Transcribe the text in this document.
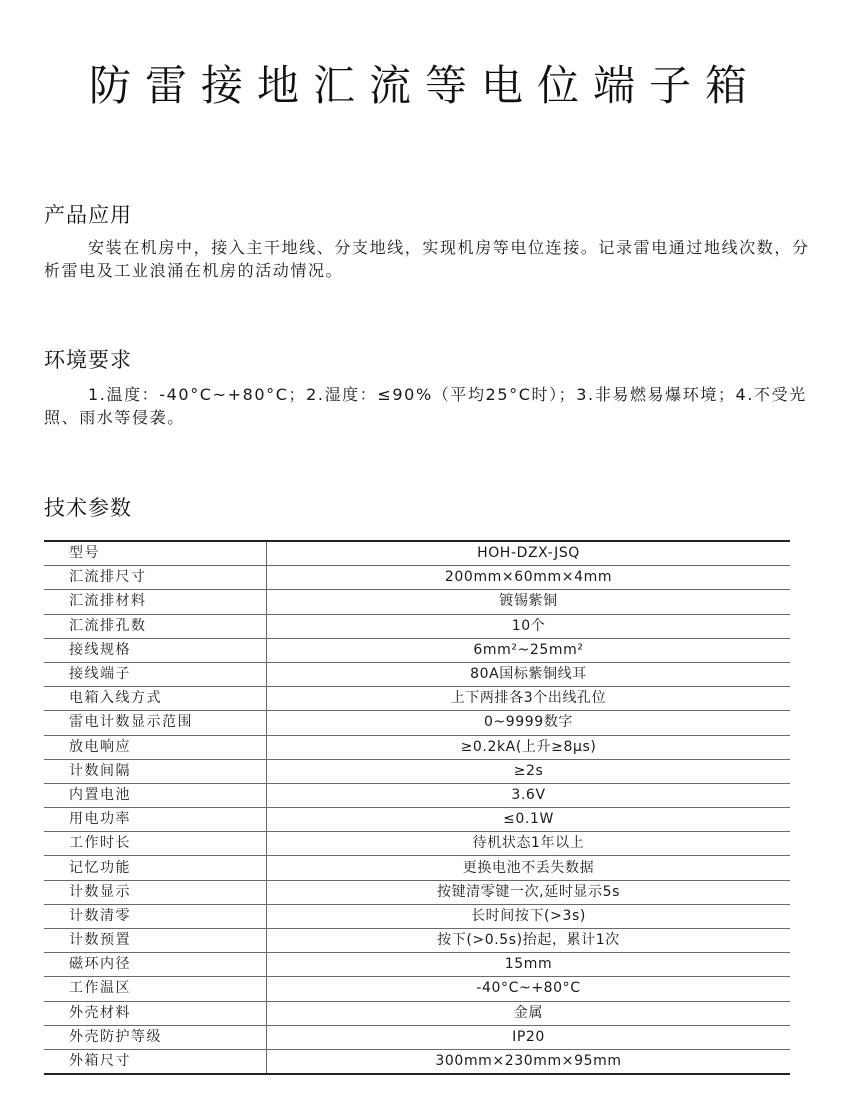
防雷接地汇流等电位端子箱
产品应用
安装在机房中，接入主干地线、分支地线，实现机房等电位连接。记录雷电通过地线次数，分析雷电及工业浪涌在机房的活动情况。
环境要求
1.温度：-40°C~+80°C；2.湿度：≤90%（平均25°C时）；3.非易燃易爆环境；4.不受光照、雨水等侵袭。
技术参数
型号	HOH-DZX-JSQ
汇流排尺寸	200mm×60mm×4mm
汇流排材料	镀锡紫铜
汇流排孔数	10个
接线规格	6mm²~25mm²
接线端子	80A国标紫铜线耳
电箱入线方式	上下两排各3个出线孔位
雷电计数显示范围	0~9999数字
放电响应	≥0.2kA(上升≥8μs)
计数间隔	≥2s
内置电池	3.6V
用电功率	≤0.1W
工作时长	待机状态1年以上
记忆功能	更换电池不丢失数据
计数显示	按键清零键一次,延时显示5s
计数清零	长时间按下(>3s)
计数预置	按下(>0.5s)抬起，累计1次
磁环内径	15mm
工作温区	-40°C~+80°C
外壳材料	金属
外壳防护等级	IP20
外箱尺寸	300mm×230mm×95mm
